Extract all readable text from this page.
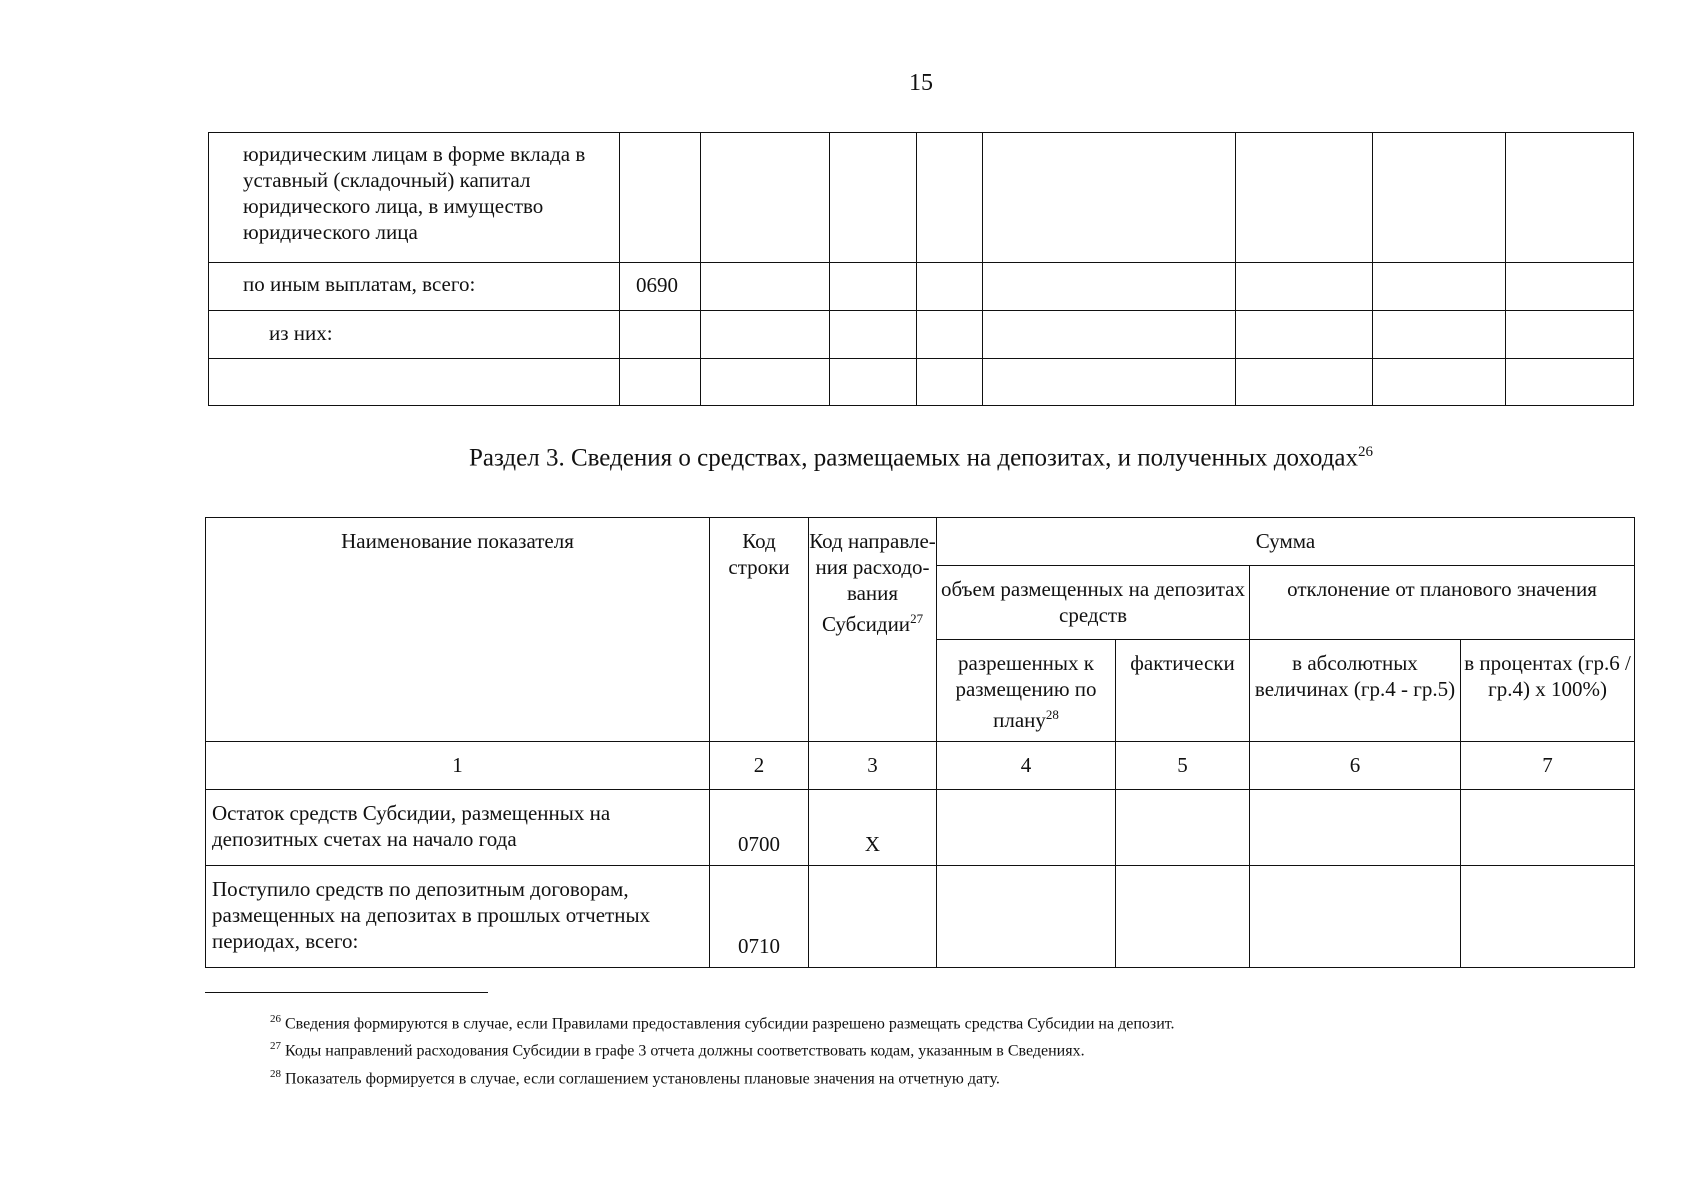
15
юридическим лицам в форме вклада в уставный (складочный) капитал юридического лица, в имущество юридического лица								
по иным выплатам, всего:	0690							
из них:								

Раздел 3. Сведения о средствах, размещаемых на депозитах, и полученных доходах$^{26}$
Наименование показателя	Код строки	Код направле-ния расходо-вания Субсидии$^{27}$	Сумма			
			объем размещенных на депозитах средств		отклонение от планового значения	
			разрешенных к размещению по плану$^{28}$	фактически	в абсолютных величинах (гр.4 - гр.5)	в процентах (гр.6 / гр.4) х 100%)
1	2	3	4	5	6	7
Остаток средств Субсидии, размещенных на депозитных счетах на начало года	0700	X				
Поступило средств по депозитным договорам, размещенных на депозитах в прошлых отчетных периодах, всего:	0710					
$^{26}$ Сведения формируются в случае, если Правилами предоставления субсидии разрешено размещать средства Субсидии на депозит.
$^{27}$ Коды направлений расходования Субсидии в графе 3 отчета должны соответствовать кодам, указанным в Сведениях.
$^{28}$ Показатель формируется в случае, если соглашением установлены плановые значения на отчетную дату.
